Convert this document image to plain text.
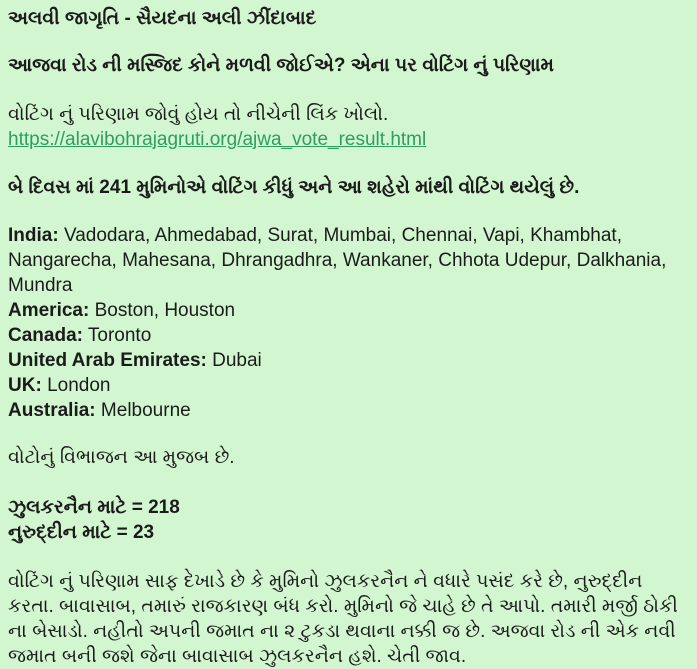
અલવી જાગૃતિ - સૈયદના અલી ઝીંદાબાદ
આજવા રોડ ની મસ્જિદ કોને મળવી જોઈએ? એના પર વોટિંગ નું પરિણામ
વોટિંગ નું પરિણામ જોવું હોય તો નીચેની લિંક ખોલો.
https://alavibohrajagruti.org/ajwa_vote_result.html
બે દિવસ માં 241 મુમિનોએ વોટિંગ કીધું અને આ શહેરો માંથી વોટિંગ થયેલું છે.
India: Vadodara, Ahmedabad, Surat, Mumbai, Chennai, Vapi, Khambhat, Nangarecha, Mahesana, Dhrangadhra, Wankaner, Chhota Udepur, Dalkhania, Mundra
America: Boston, Houston
Canada: Toronto
United Arab Emirates: Dubai
UK: London
Australia: Melbourne
વોટોનું વિભાજન આ મુજબ છે.
ઝુલકરનૈન માટે = 218
નુરુદ્દીન માટે = 23
વોટિંગ નું પરિણામ સાફ દેખાડે છે કે મુમિનો ઝુલકરનૈન ને વધારે પસંદ કરે છે, નુરુદ્દીન કરતા. બાવાસાબ, તમારું રાજકારણ બંધ કરો. મુમિનો જે ચાહે છે તે આપો. તમારી મર્જી ઠોકી ના બેસાડો. નહીતો અપની જમાત ના ૨ ટુકડા થવાના નક્કી જ છે. અજવા રોડ ની એક નવી જમાત બની જશે જેના બાવાસાબ ઝુલકરનૈન હશે. ચેતી જાવ.
